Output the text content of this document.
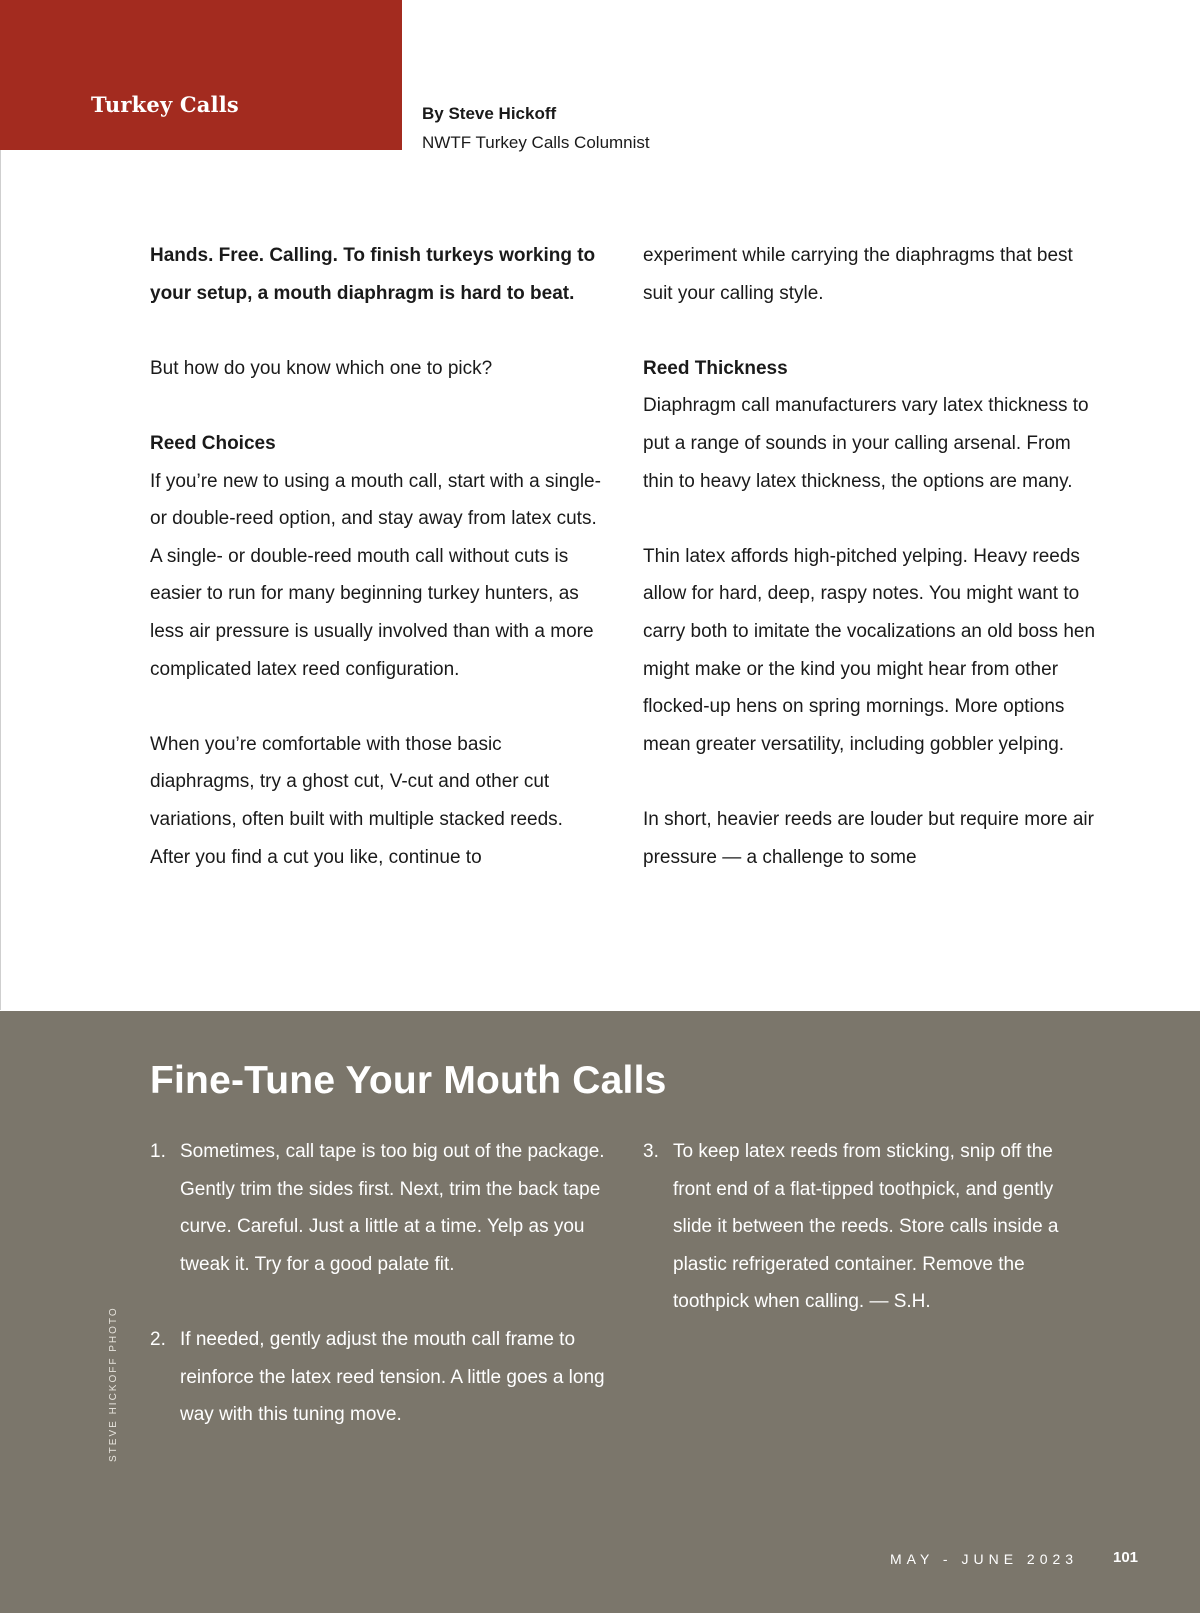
Turkey Calls	By Steve Hickoff
NWTF Turkey Calls Columnist

Hands. Free. Calling. To finish turkeys working to your setup, a mouth diaphragm is hard to beat.

But how do you know which one to pick?

Reed Choices

If you’re new to using a mouth call, start with a single- or double-reed option, and stay away from latex cuts. A single- or double-reed mouth call without cuts is easier to run for many beginning turkey hunters, as less air pressure is usually involved than with a more complicated latex reed configuration.

When you’re comfortable with those basic diaphragms, try a ghost cut, V-cut and other cut variations, often built with multiple stacked reeds. After you find a cut you like, continue to

experiment while carrying the diaphragms that best suit your calling style.

Reed Thickness

Diaphragm call manufacturers vary latex thickness to put a range of sounds in your calling arsenal. From thin to heavy latex thickness, the options are many.

Thin latex affords high-pitched yelping. Heavy reeds allow for hard, deep, raspy notes. You might want to carry both to imitate the vocalizations an old boss hen might make or the kind you might hear from other flocked-up hens on spring mornings. More options mean greater versatility, including gobbler yelping.

In short, heavier reeds are louder but require more air pressure — a challenge to some

Fine-Tune Your Mouth Calls
1. Sometimes, call tape is too big out of the package. Gently trim the sides first. Next, trim the back tape curve. Careful. Just a little at a time. Yelp as you tweak it. Try for a good palate fit.
2. If needed, gently adjust the mouth call frame to reinforce the latex reed tension. A little goes a long way with this tuning move.
3. To keep latex reeds from sticking, snip off the front end of a flat-tipped toothpick, and gently slide it between the reeds. Store calls inside a plastic refrigerated container. Remove the toothpick when calling. — S.H.
STEVE HICKOFF PHOTO
MAY - JUNE 2023 101
